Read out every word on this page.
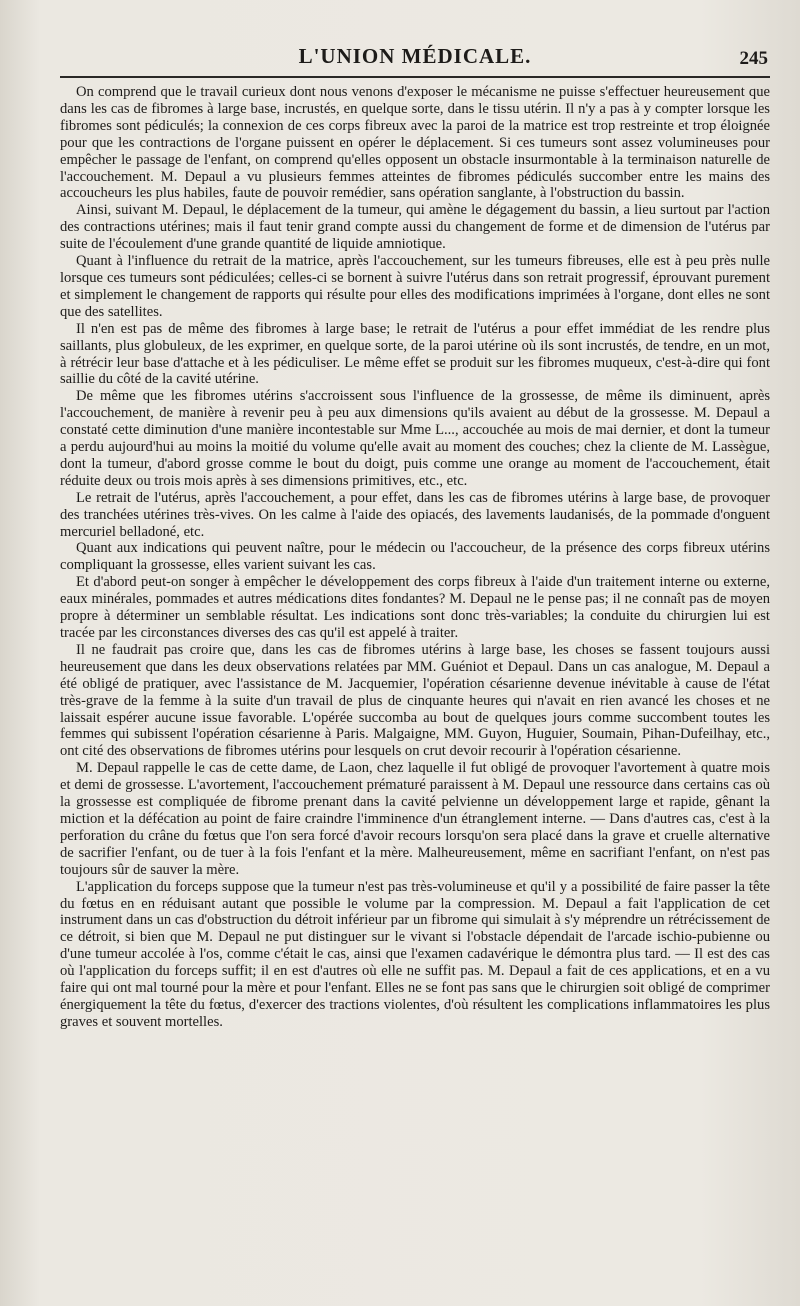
L'UNION MÉDICALE.	245

On comprend que le travail curieux dont nous venons d'exposer le mécanisme ne puisse s'effectuer heureusement que dans les cas de fibromes à large base, incrustés, en quelque sorte, dans le tissu utérin. Il n'y a pas à y compter lorsque les fibromes sont pédiculés; la connexion de ces corps fibreux avec la paroi de la matrice est trop restreinte et trop éloignée pour que les contractions de l'organe puissent en opérer le déplacement. Si ces tumeurs sont assez volumineuses pour empêcher le passage de l'enfant, on comprend qu'elles opposent un obstacle insurmontable à la terminaison naturelle de l'accouchement. M. Depaul a vu plusieurs femmes atteintes de fibromes pédiculés succomber entre les mains des accoucheurs les plus habiles, faute de pouvoir remédier, sans opération sanglante, à l'obstruction du bassin.

Ainsi, suivant M. Depaul, le déplacement de la tumeur, qui amène le dégagement du bassin, a lieu surtout par l'action des contractions utérines; mais il faut tenir grand compte aussi du changement de forme et de dimension de l'utérus par suite de l'écoulement d'une grande quantité de liquide amniotique.

Quant à l'influence du retrait de la matrice, après l'accouchement, sur les tumeurs fibreuses, elle est à peu près nulle lorsque ces tumeurs sont pédiculées; celles-ci se bornent à suivre l'utérus dans son retrait progressif, éprouvant purement et simplement le changement de rapports qui résulte pour elles des modifications imprimées à l'organe, dont elles ne sont que des satellites.

Il n'en est pas de même des fibromes à large base; le retrait de l'utérus a pour effet immédiat de les rendre plus saillants, plus globuleux, de les exprimer, en quelque sorte, de la paroi utérine où ils sont incrustés, de tendre, en un mot, à rétrécir leur base d'attache et à les pédiculiser. Le même effet se produit sur les fibromes muqueux, c'est-à-dire qui font saillie du côté de la cavité utérine.

De même que les fibromes utérins s'accroissent sous l'influence de la grossesse, de même ils diminuent, après l'accouchement, de manière à revenir peu à peu aux dimensions qu'ils avaient au début de la grossesse. M. Depaul a constaté cette diminution d'une manière incontestable sur Mme L..., accouchée au mois de mai dernier, et dont la tumeur a perdu aujourd'hui au moins la moitié du volume qu'elle avait au moment des couches; chez la cliente de M. Lassègue, dont la tumeur, d'abord grosse comme le bout du doigt, puis comme une orange au moment de l'accouchement, était réduite deux ou trois mois après à ses dimensions primitives, etc., etc.

Le retrait de l'utérus, après l'accouchement, a pour effet, dans les cas de fibromes utérins à large base, de provoquer des tranchées utérines très-vives. On les calme à l'aide des opiacés, des lavements laudanisés, de la pommade d'onguent mercuriel belladoné, etc.

Quant aux indications qui peuvent naître, pour le médecin ou l'accoucheur, de la présence des corps fibreux utérins compliquant la grossesse, elles varient suivant les cas.

Et d'abord peut-on songer à empêcher le développement des corps fibreux à l'aide d'un traitement interne ou externe, eaux minérales, pommades et autres médications dites fondantes? M. Depaul ne le pense pas; il ne connaît pas de moyen propre à déterminer un semblable résultat. Les indications sont donc très-variables; la conduite du chirurgien lui est tracée par les circonstances diverses des cas qu'il est appelé à traiter.

Il ne faudrait pas croire que, dans les cas de fibromes utérins à large base, les choses se fassent toujours aussi heureusement que dans les deux observations relatées par MM. Guéniot et Depaul. Dans un cas analogue, M. Depaul a été obligé de pratiquer, avec l'assistance de M. Jacquemier, l'opération césarienne devenue inévitable à cause de l'état très-grave de la femme à la suite d'un travail de plus de cinquante heures qui n'avait en rien avancé les choses et ne laissait espérer aucune issue favorable. L'opérée succomba au bout de quelques jours comme succombent toutes les femmes qui subissent l'opération césarienne à Paris. Malgaigne, MM. Guyon, Huguier, Soumain, Pihan-Dufeilhay, etc., ont cité des observations de fibromes utérins pour lesquels on crut devoir recourir à l'opération césarienne.

M. Depaul rappelle le cas de cette dame, de Laon, chez laquelle il fut obligé de provoquer l'avortement à quatre mois et demi de grossesse. L'avortement, l'accouchement prématuré paraissent à M. Depaul une ressource dans certains cas où la grossesse est compliquée de fibrome prenant dans la cavité pelvienne un développement large et rapide, gênant la miction et la défécation au point de faire craindre l'imminence d'un étranglement interne. — Dans d'autres cas, c'est à la perforation du crâne du fœtus que l'on sera forcé d'avoir recours lorsqu'on sera placé dans la grave et cruelle alternative de sacrifier l'enfant, ou de tuer à la fois l'enfant et la mère. Malheureusement, même en sacrifiant l'enfant, on n'est pas toujours sûr de sauver la mère.

L'application du forceps suppose que la tumeur n'est pas très-volumineuse et qu'il y a possibilité de faire passer la tête du fœtus en en réduisant autant que possible le volume par la compression. M. Depaul a fait l'application de cet instrument dans un cas d'obstruction du détroit inférieur par un fibrome qui simulait à s'y méprendre un rétrécissement de ce détroit, si bien que M. Depaul ne put distinguer sur le vivant si l'obstacle dépendait de l'arcade ischio-pubienne ou d'une tumeur accolée à l'os, comme c'était le cas, ainsi que l'examen cadavérique le démontra plus tard. — Il est des cas où l'application du forceps suffit; il en est d'autres où elle ne suffit pas. M. Depaul a fait de ces applications, et en a vu faire qui ont mal tourné pour la mère et pour l'enfant. Elles ne se font pas sans que le chirurgien soit obligé de comprimer énergiquement la tête du fœtus, d'exercer des tractions violentes, d'où résultent les complications inflammatoires les plus graves et souvent mortelles.
